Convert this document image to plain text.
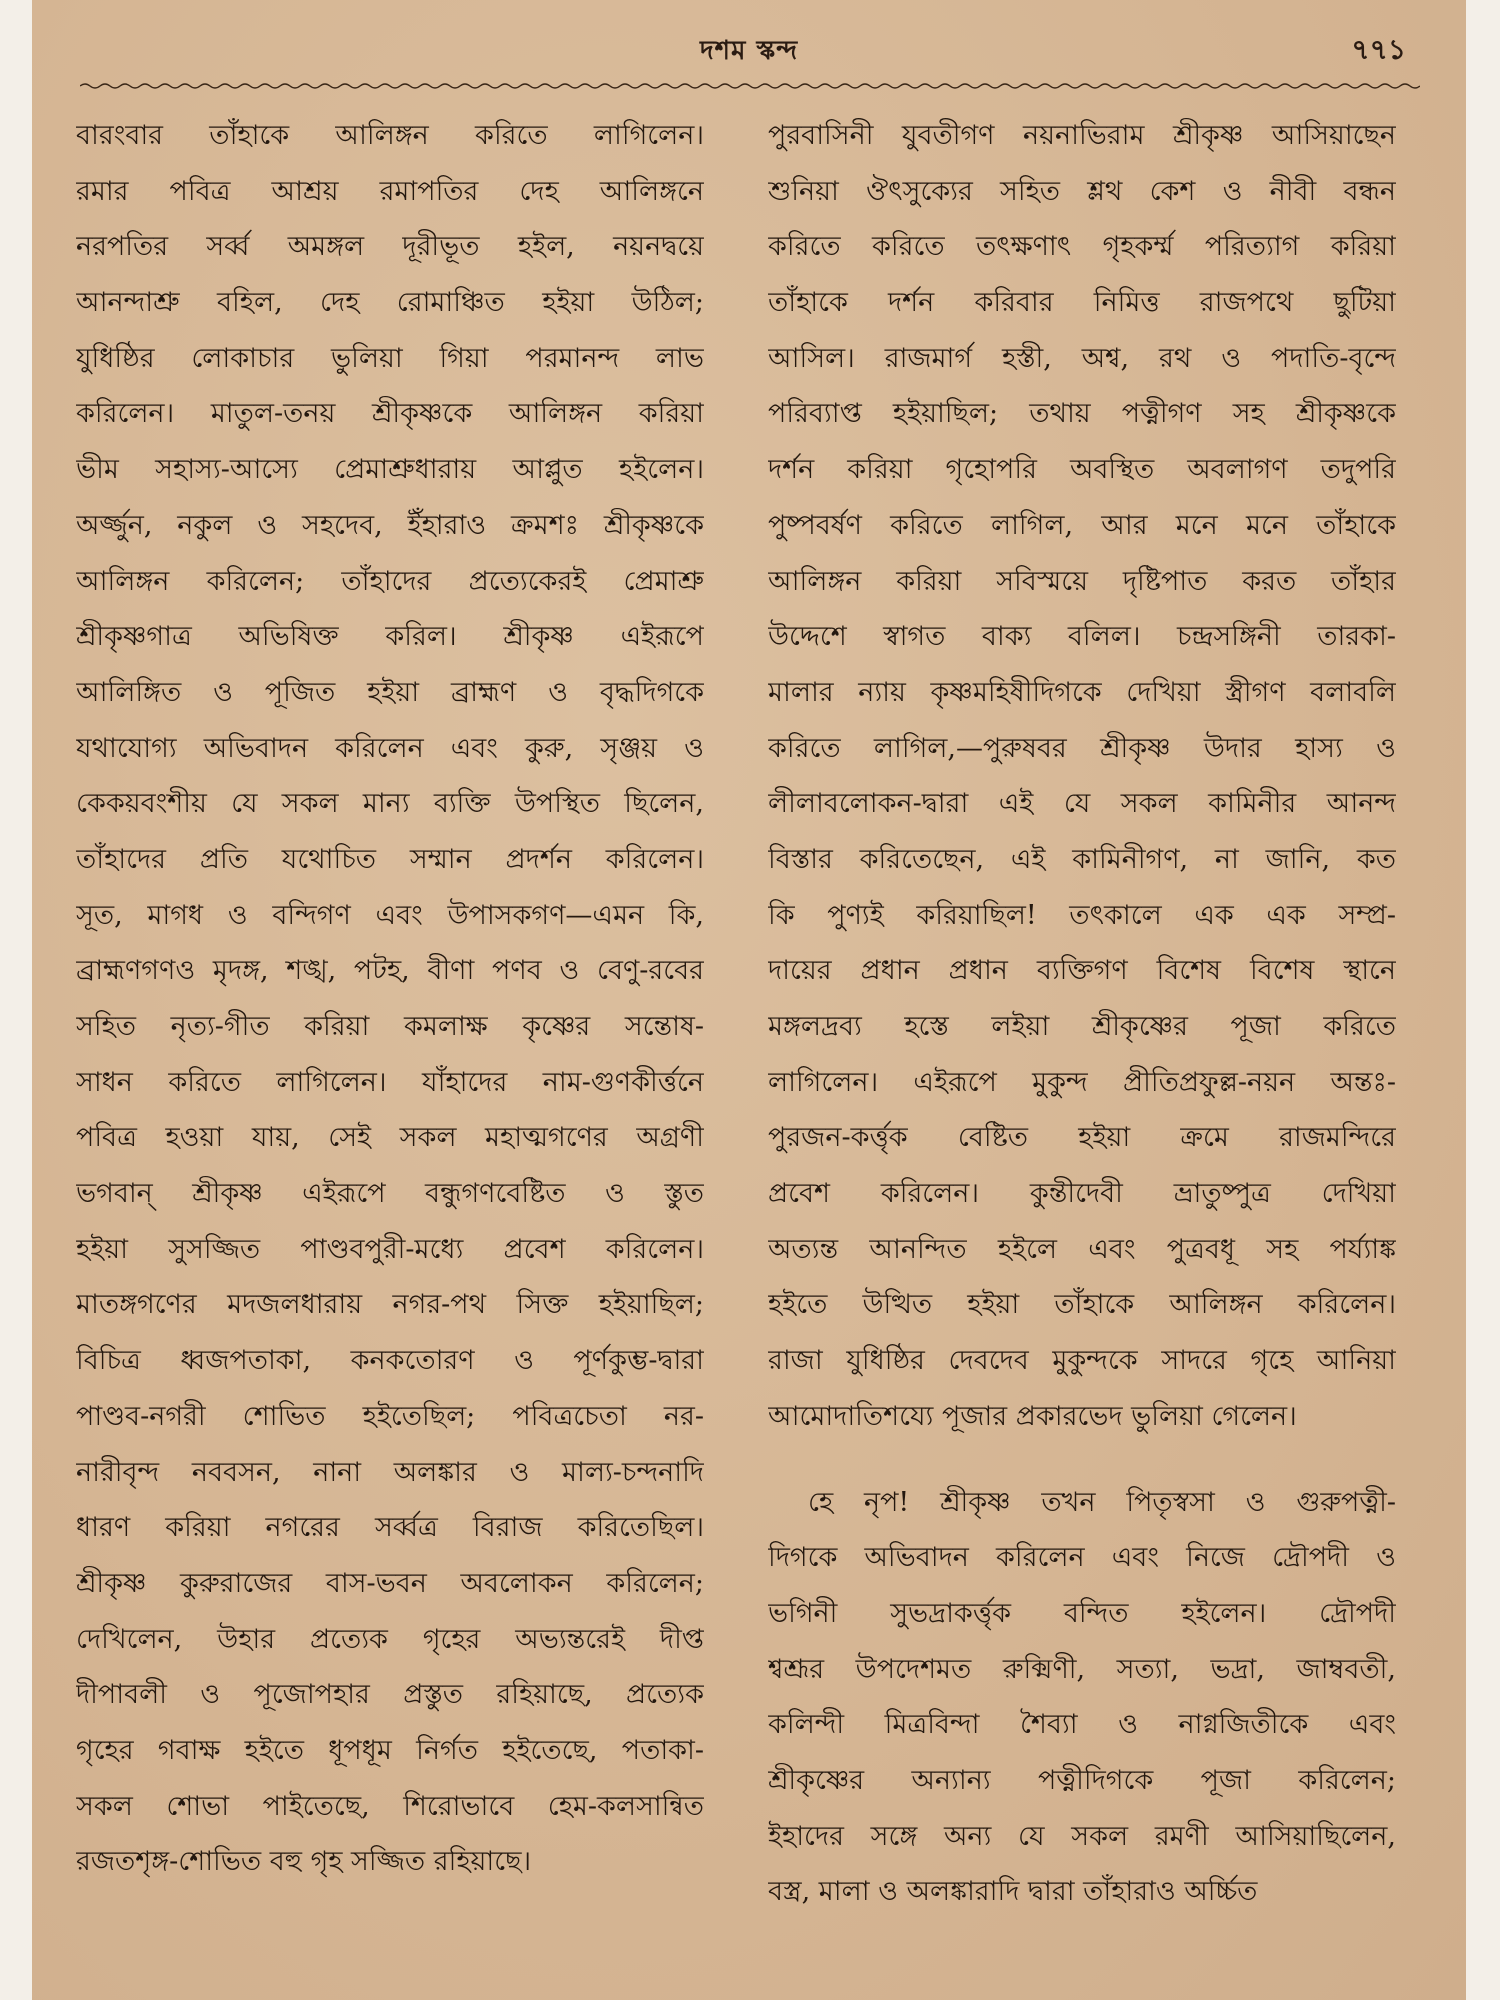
দশম স্কন্দ	৭৭১
বারংবার তাঁহাকে আলিঙ্গন করিতে লাগিলেন।
রমার পবিত্র আশ্রয় রমাপতির দেহ আলিঙ্গনে
নরপতির সর্ব্ব অমঙ্গল দূরীভূত হইল, নয়নদ্বয়ে
আনন্দাশ্রু বহিল, দেহ রোমাঞ্চিত হইয়া উঠিল;
যুধিষ্ঠির লোকাচার ভুলিয়া গিয়া পরমানন্দ লাভ
করিলেন। মাতুল-তনয় শ্রীকৃষ্ণকে আলিঙ্গন করিয়া
ভীম সহাস্য-আস্যে প্রেমাশ্রুধারায় আপ্লুত হইলেন।
অর্জ্জুন, নকুল ও সহদেব, ইঁহারাও ক্রমশঃ শ্রীকৃষ্ণকে
আলিঙ্গন করিলেন; তাঁহাদের প্রত্যেকেরই প্রেমাশ্রু
শ্রীকৃষ্ণগাত্র অভিষিক্ত করিল। শ্রীকৃষ্ণ এইরূপে
আলিঙ্গিত ও পূজিত হইয়া ব্রাহ্মণ ও বৃদ্ধদিগকে
যথাযোগ্য অভিবাদন করিলেন এবং কুরু, সৃঞ্জয় ও
কেকয়বংশীয় যে সকল মান্য ব্যক্তি উপস্থিত ছিলেন,
তাঁহাদের প্রতি যথোচিত সম্মান প্রদর্শন করিলেন।
সূত, মাগধ ও বন্দিগণ এবং উপাসকগণ—এমন কি,
ব্রাহ্মণগণও মৃদঙ্গ, শঙ্খ, পটহ, বীণা পণব ও বেণু-রবের
সহিত নৃত্য-গীত করিয়া কমলাক্ষ কৃষ্ণের সন্তোষ-
সাধন করিতে লাগিলেন। যাঁহাদের নাম-গুণকীর্ত্তনে
পবিত্র হওয়া যায়, সেই সকল মহাত্মগণের অগ্রণী
ভগবান্ শ্রীকৃষ্ণ এইরূপে বন্ধুগণবেষ্টিত ও স্তুত
হইয়া সুসজ্জিত পাণ্ডবপুরী-মধ্যে প্রবেশ করিলেন।
মাতঙ্গগণের মদজলধারায় নগর-পথ সিক্ত হইয়াছিল;
বিচিত্র ধ্বজপতাকা, কনকতোরণ ও পূর্ণকুম্ভ-দ্বারা
পাণ্ডব-নগরী শোভিত হইতেছিল; পবিত্রচেতা নর-
নারীবৃন্দ নববসন, নানা অলঙ্কার ও মাল্য-চন্দনাদি
ধারণ করিয়া নগরের সর্ব্বত্র বিরাজ করিতেছিল।
শ্রীকৃষ্ণ কুরুরাজের বাস-ভবন অবলোকন করিলেন;
দেখিলেন, উহার প্রত্যেক গৃহের অভ্যন্তরেই দীপ্ত
দীপাবলী ও পূজোপহার প্রস্তুত রহিয়াছে, প্রত্যেক
গৃহের গবাক্ষ হইতে ধূপধূম নির্গত হইতেছে, পতাকা-
সকল শোভা পাইতেছে, শিরোভাবে হেম-কলসান্বিত
রজতশৃঙ্গ-শোভিত বহু গৃহ সজ্জিত রহিয়াছে।
পুরবাসিনী যুবতীগণ নয়নাভিরাম শ্রীকৃষ্ণ আসিয়াছেন
শুনিয়া ঔৎসুক্যের সহিত শ্লথ কেশ ও নীবী বন্ধন
করিতে করিতে তৎক্ষণাৎ গৃহকর্ম্ম পরিত্যাগ করিয়া
তাঁহাকে দর্শন করিবার নিমিত্ত রাজপথে ছুটিয়া
আসিল। রাজমার্গ হস্তী, অশ্ব, রথ ও পদাতি-বৃন্দে
পরিব্যাপ্ত হইয়াছিল; তথায় পত্নীগণ সহ শ্রীকৃষ্ণকে
দর্শন করিয়া গৃহোপরি অবস্থিত অবলাগণ তদুপরি
পুষ্পবর্ষণ করিতে লাগিল, আর মনে মনে তাঁহাকে
আলিঙ্গন করিয়া সবিস্ময়ে দৃষ্টিপাত করত তাঁহার
উদ্দেশে স্বাগত বাক্য বলিল। চন্দ্রসঙ্গিনী তারকা-
মালার ন্যায় কৃষ্ণমহিষীদিগকে দেখিয়া স্ত্রীগণ বলাবলি
করিতে লাগিল,—পুরুষবর শ্রীকৃষ্ণ উদার হাস্য ও
লীলাবলোকন-দ্বারা এই যে সকল কামিনীর আনন্দ
বিস্তার করিতেছেন, এই কামিনীগণ, না জানি, কত
কি পুণ্যই করিয়াছিল! তৎকালে এক এক সম্প্র-
দায়ের প্রধান প্রধান ব্যক্তিগণ বিশেষ বিশেষ স্থানে
মঙ্গলদ্রব্য হস্তে লইয়া শ্রীকৃষ্ণের পূজা করিতে
লাগিলেন। এইরূপে মুকুন্দ প্রীতিপ্রফুল্ল-নয়ন অন্তঃ-
পুরজন-কর্ত্তৃক বেষ্টিত হইয়া ক্রমে রাজমন্দিরে
প্রবেশ করিলেন। কুন্তীদেবী ভ্রাতুষ্পুত্র দেখিয়া
অত্যন্ত আনন্দিত হইলে এবং পুত্রবধূ সহ পর্য্যাঙ্ক
হইতে উত্থিত হইয়া তাঁহাকে আলিঙ্গন করিলেন।
রাজা যুধিষ্ঠির দেবদেব মুকুন্দকে সাদরে গৃহে আনিয়া
আমোদাতিশয্যে পূজার প্রকারভেদ ভুলিয়া গেলেন।
হে নৃপ! শ্রীকৃষ্ণ তখন পিতৃস্বসা ও গুরুপত্নী-
দিগকে অভিবাদন করিলেন এবং নিজে দ্রৌপদী ও
ভগিনী সুভদ্রাকর্ত্তৃক বন্দিত হইলেন। দ্রৌপদী
শ্বশ্রূর উপদেশমত রুক্মিণী, সত্যা, ভদ্রা, জাম্ববতী,
কলিন্দী মিত্রবিন্দা শৈব্যা ও নাগ্নজিতীকে এবং
শ্রীকৃষ্ণের অন্যান্য পত্নীদিগকে পূজা করিলেন;
ইহাদের সঙ্গে অন্য যে সকল রমণী আসিয়াছিলেন,
বস্ত্র, মালা ও অলঙ্কারাদি দ্বারা তাঁহারাও অর্চ্চিত
